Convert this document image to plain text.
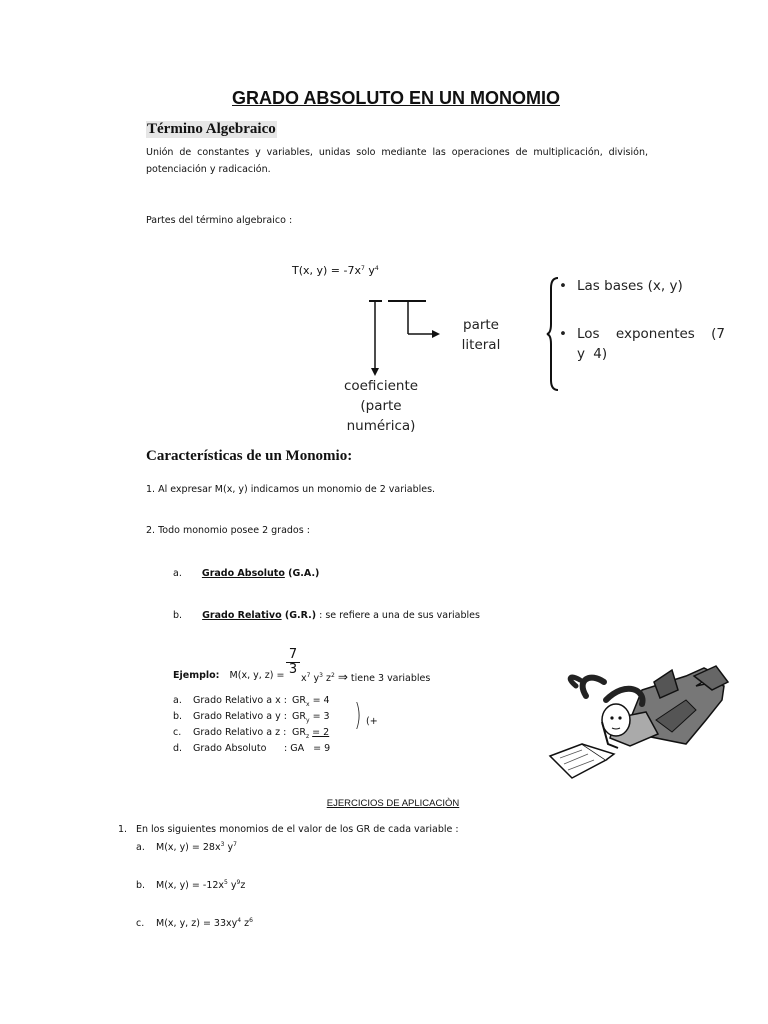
GRADO ABSOLUTO EN UN MONOMIO
Término Algebraico
Unión de constantes y variables, unidas solo mediante las operaciones de multiplicación, división, potenciación y radicación.
Partes del término algebraico :
T(x, $y) = -7x^7$ $y^4$
parte
literal
coeficiente
(parte
numérica)
• Las bases (x, y)
• Los exponentes (7 y 4)
Características de un Monomio:
1. Al expresar M(x, y) indicamos un monomio de 2 variables.
2. Todo monomio posee 2 grados :
a. Grado Absoluto (G.A.)
b. Grado Relativo (G.R.) : se refiere a una de sus variables
Ejemplo: M(x, y, z) =
7
3
$x^7$ $y^3$ $z^2$ ⇒ tiene 3 variables
a. Grado Relativo a x : $GR_x = 4$
b. Grado Relativo a y : $GR_y = 3$
c. Grado Relativo a z : $GR_z = 2$
d. Grado Absoluto : GA = 9
) (+
EJERCICIOS DE APLICACIÒN
1. En los siguientes monomios de el valor de los GR de cada variable :
a. M(x, $y) = 28x^3$ $y^7$
b. M(x, $y) = -12x^5$ $y^9z$
c. M(x, y, $z) = 33xy^4$ $z^6$
